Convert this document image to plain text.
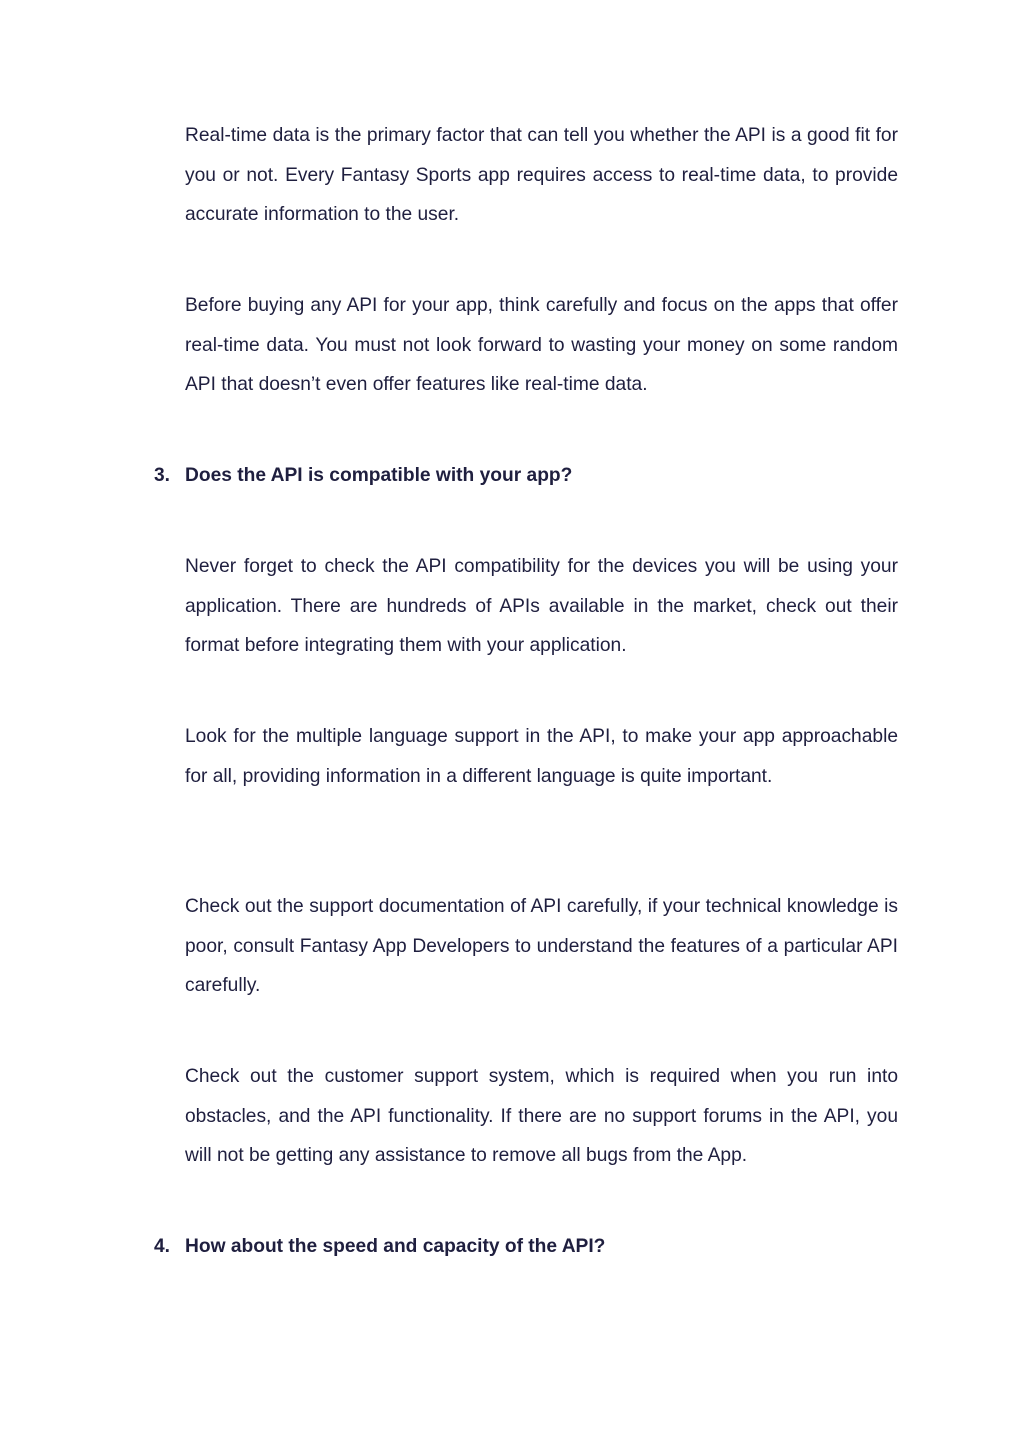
Real-time data is the primary factor that can tell you whether the API is a good fit for you or not. Every Fantasy Sports app requires access to real-time data, to provide accurate information to the user.

Before buying any API for your app, think carefully and focus on the apps that offer real-time data. You must not look forward to wasting your money on some random API that doesn’t even offer features like real-time data.

3. Does the API is compatible with your app?

Never forget to check the API compatibility for the devices you will be using your application. There are hundreds of APIs available in the market, check out their format before integrating them with your application.

Look for the multiple language support in the API, to make your app approachable for all, providing information in a different language is quite important.

Check out the support documentation of API carefully, if your technical knowledge is poor, consult Fantasy App Developers to understand the features of a particular API carefully.

Check out the customer support system, which is required when you run into obstacles, and the API functionality. If there are no support forums in the API, you will not be getting any assistance to remove all bugs from the App.

4. How about the speed and capacity of the API?
